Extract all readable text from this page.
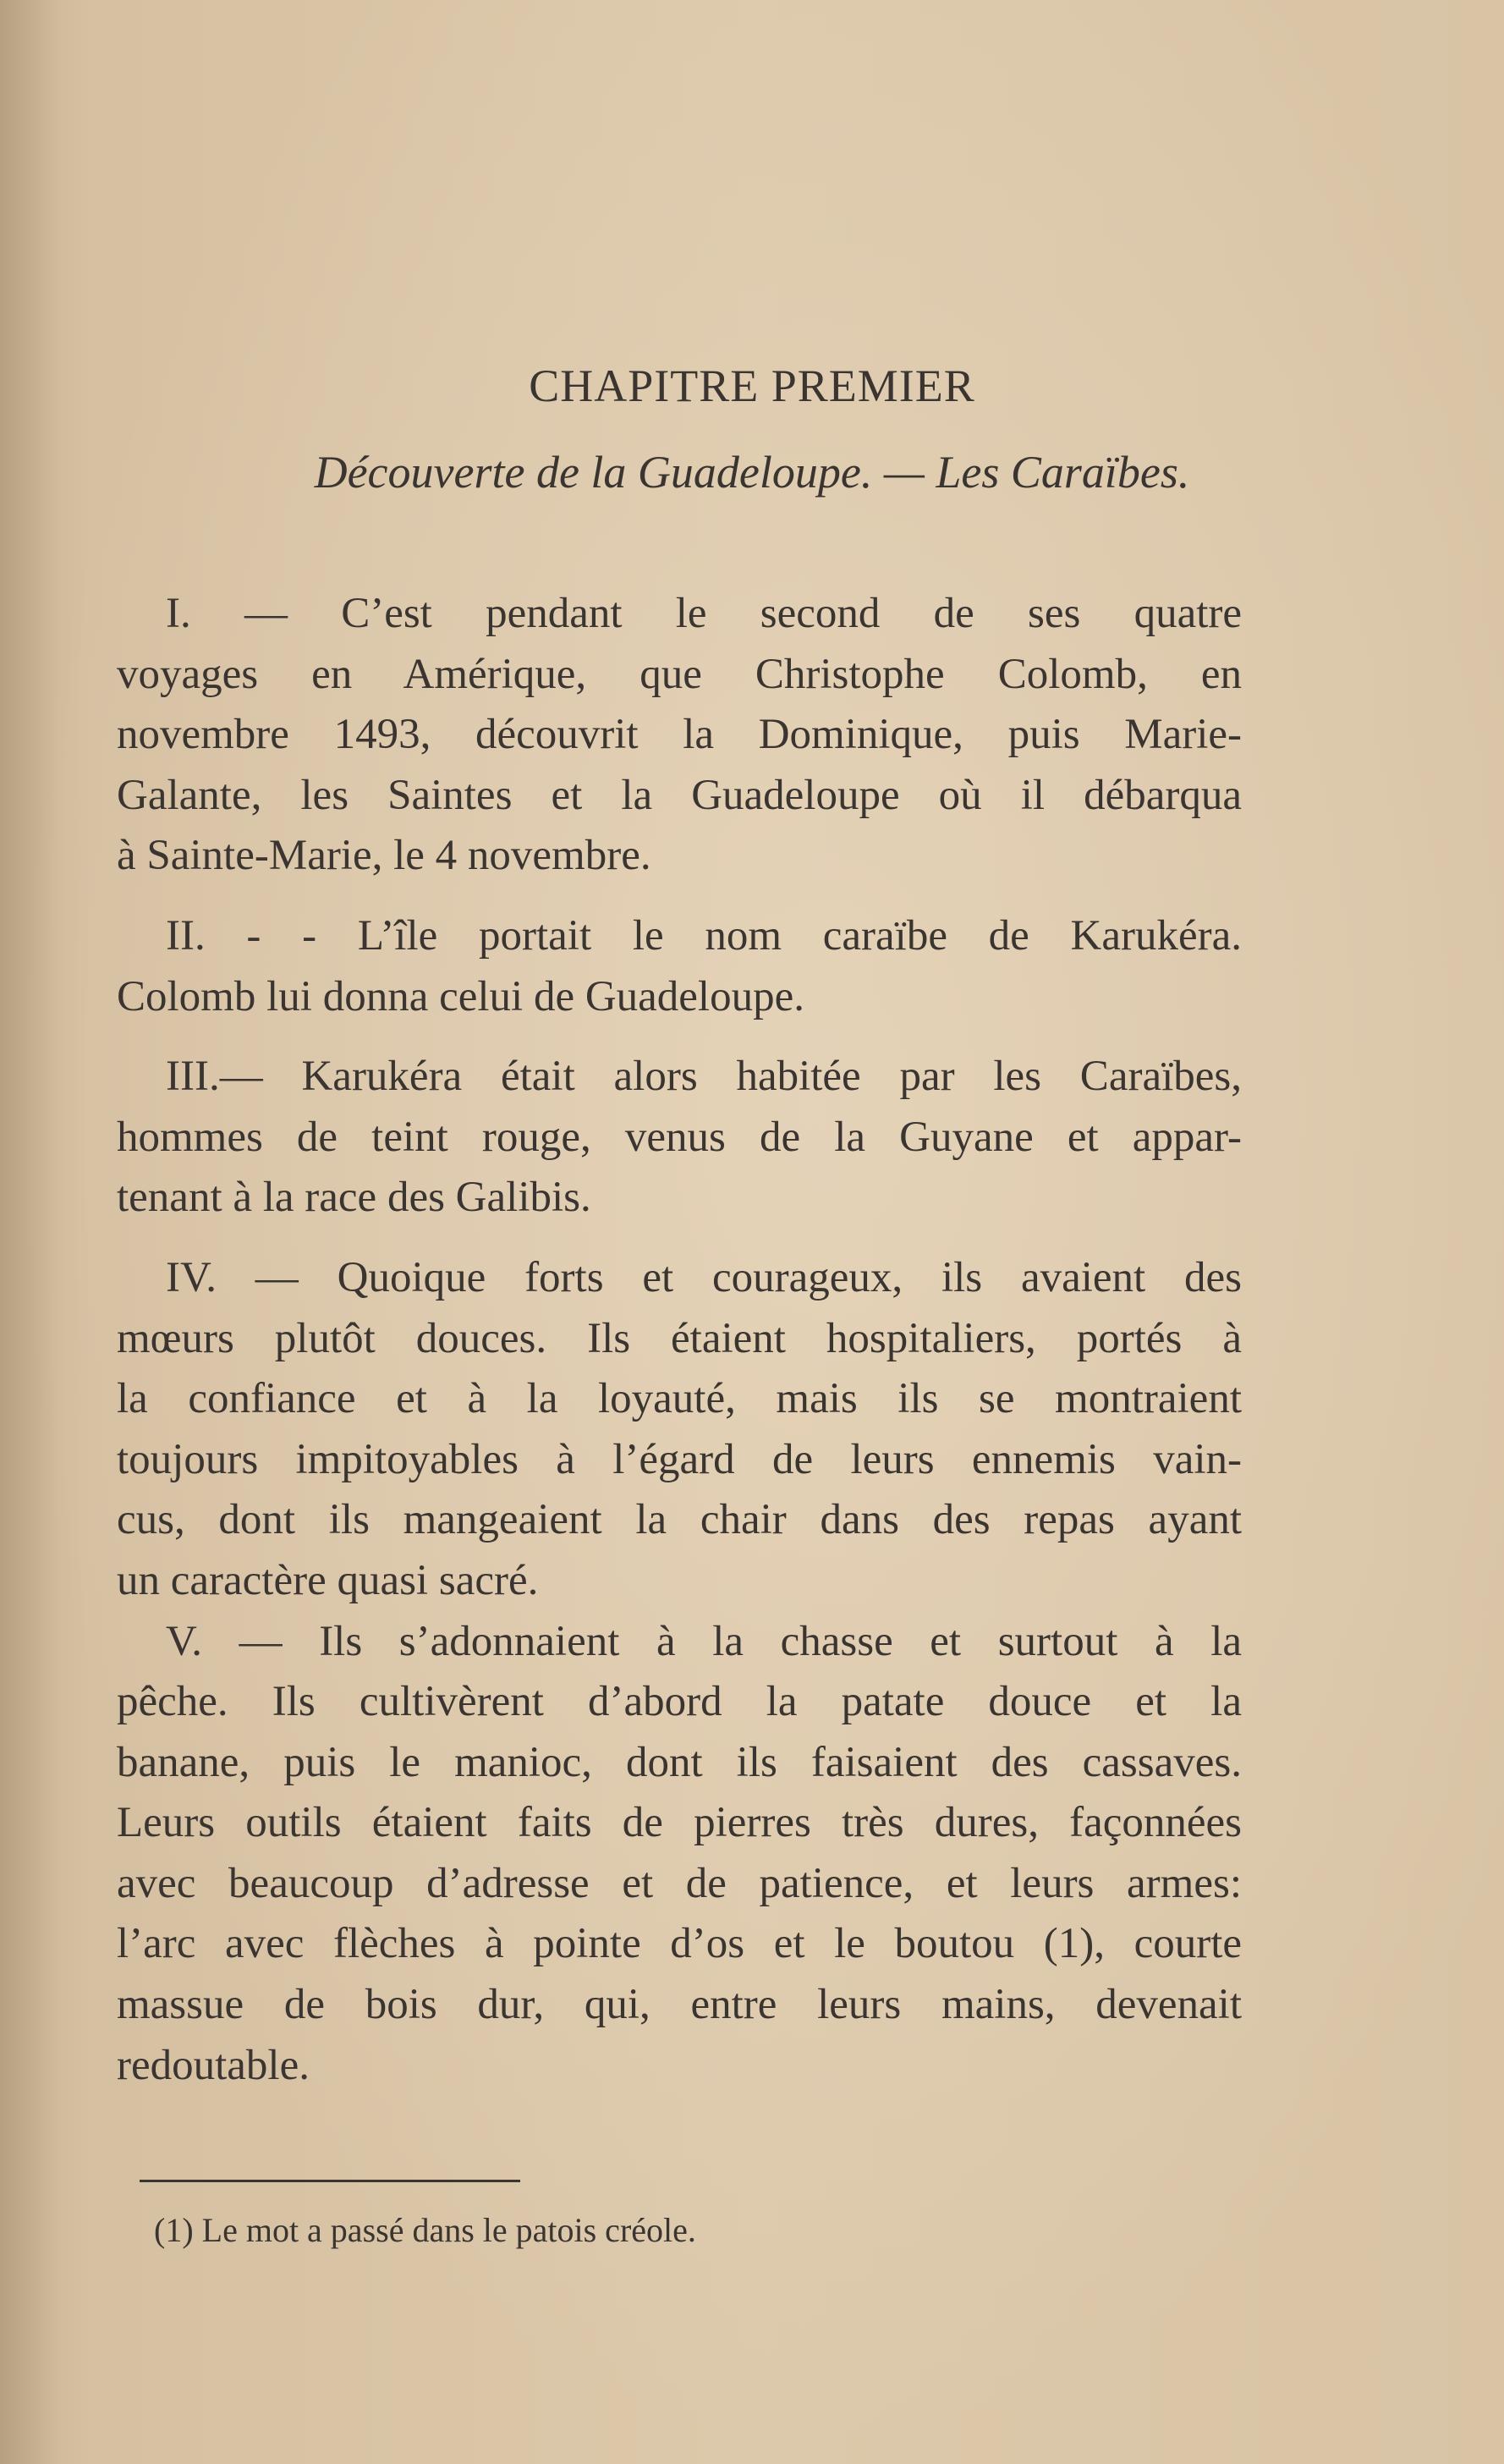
CHAPITRE PREMIER
Découverte de la Guadeloupe. — Les Caraïbes.
I. — C’est pendant le second de ses quatre
voyages en Amérique, que Christophe Colomb, en
novembre 1493, découvrit la Dominique, puis Marie-
Galante, les Saintes et la Guadeloupe où il débarqua
à Sainte-Marie, le 4 novembre.
II. - - L’île portait le nom caraïbe de Karukéra.
Colomb lui donna celui de Guadeloupe.
III.— Karukéra était alors habitée par les Caraïbes,
hommes de teint rouge, venus de la Guyane et appar-
tenant à la race des Galibis.
IV. — Quoique forts et courageux, ils avaient des
mœurs plutôt douces. Ils étaient hospitaliers, portés à
la confiance et à la loyauté, mais ils se montraient
toujours impitoyables à l’égard de leurs ennemis vain-
cus, dont ils mangeaient la chair dans des repas ayant
un caractère quasi sacré.
V. — Ils s’adonnaient à la chasse et surtout à la
pêche. Ils cultivèrent d’abord la patate douce et la
banane, puis le manioc, dont ils faisaient des cassaves.
Leurs outils étaient faits de pierres très dures, façonnées
avec beaucoup d’adresse et de patience, et leurs armes:
l’arc avec flèches à pointe d’os et le boutou (1), courte
massue de bois dur, qui, entre leurs mains, devenait
redoutable.
(1) Le mot a passé dans le patois créole.
